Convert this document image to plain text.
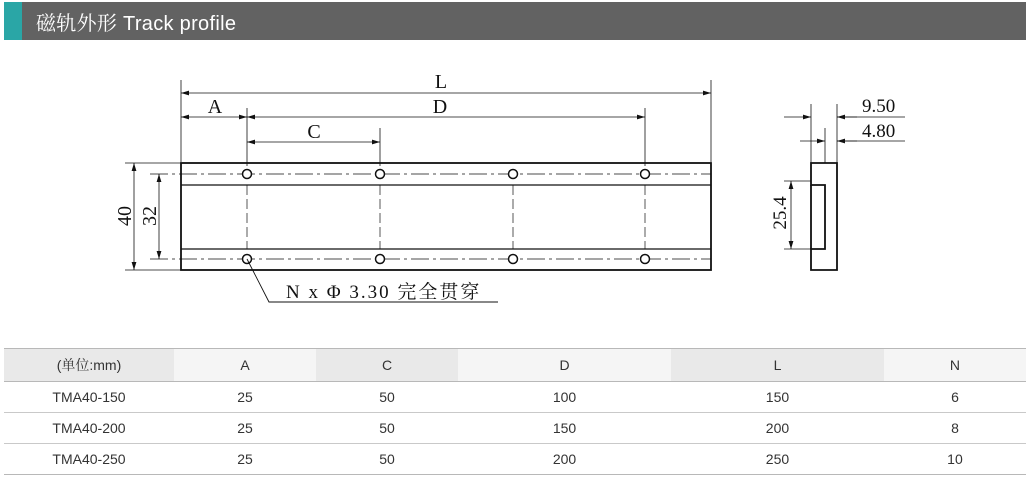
磁轨外形 Track profile
L
A	D
C
40 32
N x Φ 3.30 完全贯穿
9.50
4.80
25.4
(单位:mm)	A	C	D	L	N
TMA40-150	25	50	100	150	6
TMA40-200	25	50	150	200	8
TMA40-250	25	50	200	250	10
